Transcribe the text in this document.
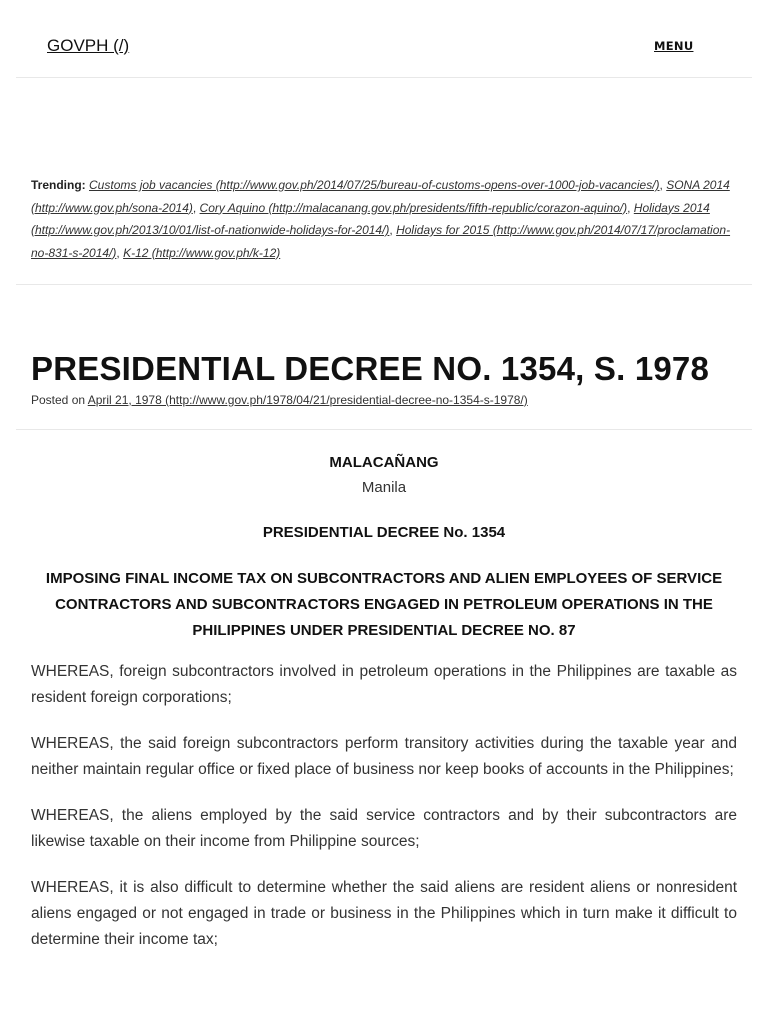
GOVPH (/)	MENU
Trending: Customs job vacancies (http://www.gov.ph/2014/07/25/bureau-of-customs-opens-over-1000-job-vacancies/), SONA 2014 (http://www.gov.ph/sona-2014), Cory Aquino (http://malacanang.gov.ph/presidents/fifth-republic/corazon-aquino/), Holidays 2014 (http://www.gov.ph/2013/10/01/list-of-nationwide-holidays-for-2014/), Holidays for 2015 (http://www.gov.ph/2014/07/17/proclamation-no-831-s-2014/), K-12 (http://www.gov.ph/k-12)
PRESIDENTIAL DECREE NO. 1354, S. 1978
Posted on April 21, 1978 (http://www.gov.ph/1978/04/21/presidential-decree-no-1354-s-1978/)
MALACAÑANG
Manila
PRESIDENTIAL DECREE No. 1354
IMPOSING FINAL INCOME TAX ON SUBCONTRACTORS AND ALIEN EMPLOYEES OF SERVICE CONTRACTORS AND SUBCONTRACTORS ENGAGED IN PETROLEUM OPERATIONS IN THE PHILIPPINES UNDER PRESIDENTIAL DECREE NO. 87

WHEREAS, foreign subcontractors involved in petroleum operations in the Philippines are taxable as resident foreign corporations;

WHEREAS, the said foreign subcontractors perform transitory activities during the taxable year and neither maintain regular office or fixed place of business nor keep books of accounts in the Philippines;

WHEREAS, the aliens employed by the said service contractors and by their subcontractors are likewise taxable on their income from Philippine sources;

WHEREAS, it is also difficult to determine whether the said aliens are resident aliens or nonresident aliens engaged or not engaged in trade or business in the Philippines which in turn make it difficult to determine their income tax;
